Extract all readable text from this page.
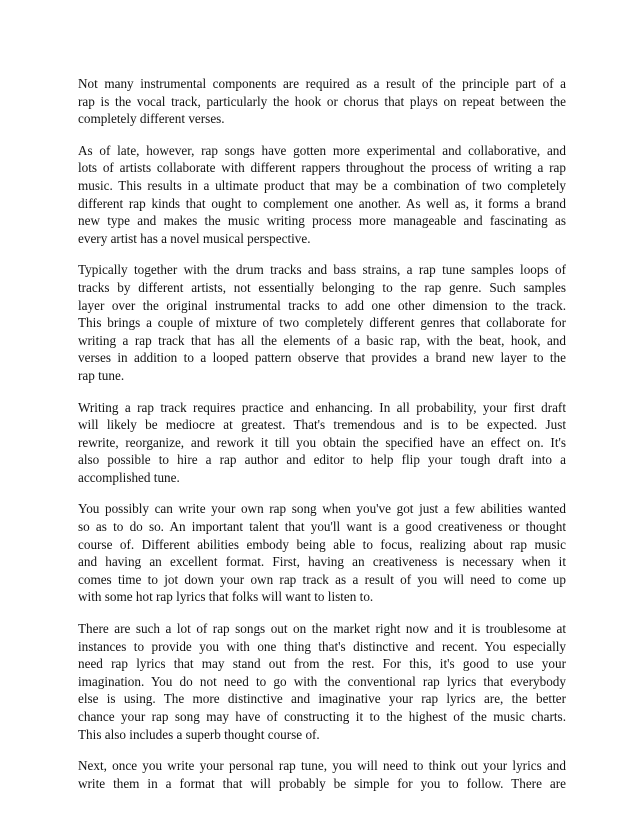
Not many instrumental components are required as a result of the principle part of a
rap is the vocal track, particularly the hook or chorus that plays on repeat between the
completely different verses.

As of late, however, rap songs have gotten more experimental and collaborative, and
lots of artists collaborate with different rappers throughout the process of writing a rap
music. This results in a ultimate product that may be a combination of two completely
different rap kinds that ought to complement one another. As well as, it forms a brand
new type and makes the music writing process more manageable and fascinating as
every artist has a novel musical perspective.

Typically together with the drum tracks and bass strains, a rap tune samples loops of
tracks by different artists, not essentially belonging to the rap genre. Such samples
layer over the original instrumental tracks to add one other dimension to the track.
This brings a couple of mixture of two completely different genres that collaborate for
writing a rap track that has all the elements of a basic rap, with the beat, hook, and
verses in addition to a looped pattern observe that provides a brand new layer to the
rap tune.

Writing a rap track requires practice and enhancing. In all probability, your first draft
will likely be mediocre at greatest. That's tremendous and is to be expected. Just
rewrite, reorganize, and rework it till you obtain the specified have an effect on. It's
also possible to hire a rap author and editor to help flip your tough draft into a
accomplished tune.

You possibly can write your own rap song when you've got just a few abilities wanted
so as to do so. An important talent that you'll want is a good creativeness or thought
course of. Different abilities embody being able to focus, realizing about rap music
and having an excellent format. First, having an creativeness is necessary when it
comes time to jot down your own rap track as a result of you will need to come up
with some hot rap lyrics that folks will want to listen to.

There are such a lot of rap songs out on the market right now and it is troublesome at
instances to provide you with one thing that's distinctive and recent. You especially
need rap lyrics that may stand out from the rest. For this, it's good to use your
imagination. You do not need to go with the conventional rap lyrics that everybody
else is using. The more distinctive and imaginative your rap lyrics are, the better
chance your rap song may have of constructing it to the highest of the music charts.
This also includes a superb thought course of.

Next, once you write your personal rap tune, you will need to think out your lyrics and
write them in a format that will probably be simple for you to follow. There are
